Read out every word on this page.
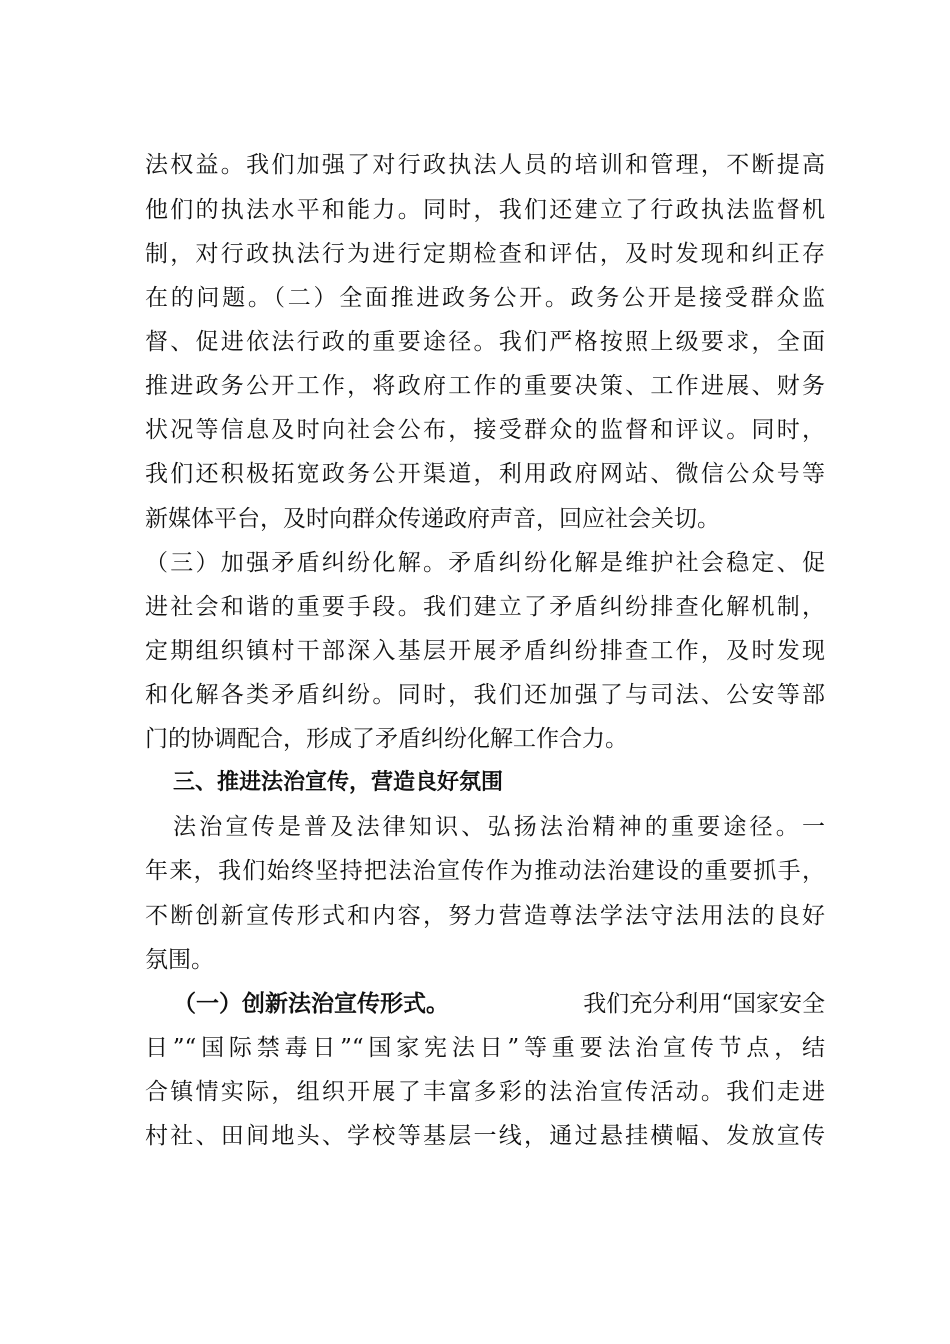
法权益。我们加强了对行政执法人员的培训和管理，不断提高
他们的执法水平和能力。同时，我们还建立了行政执法监督机
制，对行政执法行为进行定期检查和评估，及时发现和纠正存
在的问题。（二）全面推进政务公开。政务公开是接受群众监
督、促进依法行政的重要途径。我们严格按照上级要求，全面
推进政务公开工作，将政府工作的重要决策、工作进展、财务
状况等信息及时向社会公布，接受群众的监督和评议。同时，
我们还积极拓宽政务公开渠道，利用政府网站、微信公众号等
新媒体平台，及时向群众传递政府声音，回应社会关切。
（三）加强矛盾纠纷化解。矛盾纠纷化解是维护社会稳定、促
进社会和谐的重要手段。我们建立了矛盾纠纷排查化解机制，
定期组织镇村干部深入基层开展矛盾纠纷排查工作，及时发现
和化解各类矛盾纠纷。同时，我们还加强了与司法、公安等部
门的协调配合，形成了矛盾纠纷化解工作合力。
三、推进法治宣传，营造良好氛围
法治宣传是普及法律知识、弘扬法治精神的重要途径。一
年来，我们始终坚持把法治宣传作为推动法治建设的重要抓手，
不断创新宣传形式和内容，努力营造尊法学法守法用法的良好
氛围。
（一）创新法治宣传形式。	我们充分利用“国家安全
日”“国际禁毒日”“国家宪法日”等重要法治宣传节点，结
合镇情实际，组织开展了丰富多彩的法治宣传活动。我们走进
村社、田间地头、学校等基层一线，通过悬挂横幅、发放宣传
